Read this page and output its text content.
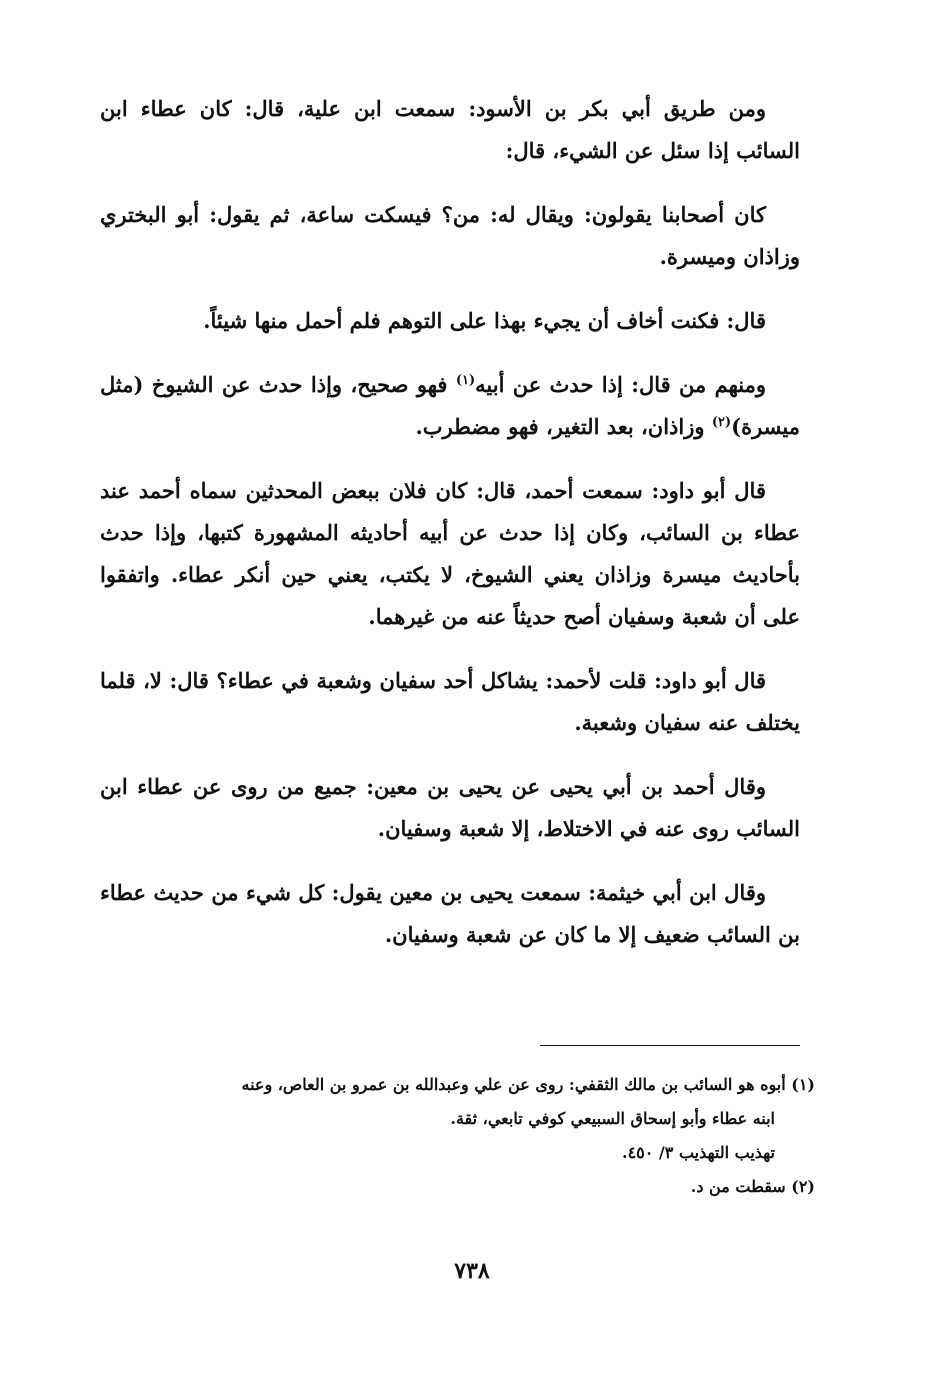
ومن طريق أبي بكر بن الأسود: سمعت ابن علية، قال: كان عطاء ابن السائب إذا سئل عن الشيء، قال:

كان أصحابنا يقولون: ويقال له: من؟ فيسكت ساعة، ثم يقول: أبو البختري وزاذان وميسرة.

قال: فكنت أخاف أن يجيء بهذا على التوهم فلم أحمل منها شيئاً.

ومنهم من قال: إذا حدث عن أبيه$^{(١)}$ فهو صحيح، وإذا حدث عن الشيوخ (مثل ميسرة)$^{(٢)}$ وزاذان، بعد التغير، فهو مضطرب.

قال أبو داود: سمعت أحمد، قال: كان فلان ببعض المحدثين سماه أحمد عند عطاء بن السائب، وكان إذا حدث عن أبيه أحاديثه المشهورة كتبها، وإذا حدث بأحاديث ميسرة وزاذان يعني الشيوخ، لا يكتب، يعني حين أنكر عطاء. واتفقوا على أن شعبة وسفيان أصح حديثاً عنه من غيرهما.

قال أبو داود: قلت لأحمد: يشاكل أحد سفيان وشعبة في عطاء؟ قال: لا، قلما يختلف عنه سفيان وشعبة.

وقال أحمد بن أبي يحيى عن يحيى بن معين: جميع من روى عن عطاء ابن السائب روى عنه في الاختلاط، إلا شعبة وسفيان.

وقال ابن أبي خيثمة: سمعت يحيى بن معين يقول: كل شيء من حديث عطاء بن السائب ضعيف إلا ما كان عن شعبة وسفيان.

(١) أبوه هو السائب بن مالك الثقفي: روى عن علي وعبدالله بن عمرو بن العاص، وعنه

ابنه عطاء وأبو إسحاق السبيعي كوفي تابعي، ثقة.

تهذيب التهذيب ٣/ ٤٥٠.

(٢) سقطت من د.

٧٣٨
